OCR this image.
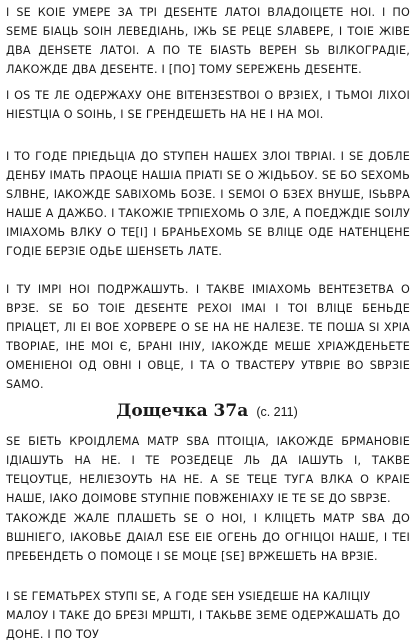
І ЅЕ КОІЕ УМЕРЕ ЗА ТРІ ДЕЅЕНТЕ ЛАТОІ ВЛАДОІЦЕТЕ НОІ. І ПО ЅЕМЕ БІАЦЬ ЅОІН ЛЕВЕДІАНЬ, ІЖЬ ЅЕ РЕЦЕ ЅЛАВЕРЕ, І ТОІЕ ЖІВЕ ДВА ДЕНЅЕТЕ ЛАТОІ. А ПО ТЕ БІАЅТЬ ВЕРЕН ЅЬ ВІЛКОГРАДІЕ, ЛАКОЖДЕ ДВА ДЕЅЕНТЕ. І [ПО] ТОМУ ЅЕРЕЖЕНЬ ДЕЅЕНТЕ.

І ОЅ ТЕ ЛЕ ОДЕРЖАХУ ОНЕ ВІТЕНЗЕЅТВОІ О ВРЗІЕХ, І ТЬМОІ ЛІХОІ НІЕЅТЦІА О ЅОІНЬ, І ЅЕ ГРЕНДЕШЕТЬ НА НЕ І НА МОІ.

І ТО ГОДЕ ПРІЕДЬЦІА ДО ЅТУПЕН НАШЕХ ЗЛОІ ТВРІАІ. І ЅЕ ДОБЛЕ ДЕНБУ ІМАТЬ ПРАОЦЕ НАШІА ПРІАТІ ЅЕ О ЖІДЬБОУ. ЅЕ БО ЅЕХОМЬ ЅЛВНЕ, ІАКОЖДЕ ЅАВІХОМЬ БОЗЕ. І ЅЕМОІ О БЗЕХ ВНУШЕ, ІЅЬВРА НАШЕ А ДАЖБО. І ТАКОЖІЕ ТРПІЕХОМЬ О ЗЛЕ, А ПОЕДЖДІЕ ЅОІЛУ ІМІАХОМЬ ВЛКУ О ТЕ[І] І БРАНЬЕХОМЬ ЅЕ ВЛІЦЕ ОДЕ НАТЕНЦЕНЕ ГОДІЕ БЕРЗІЕ ОДЬЕ ШЕНЅЕТЬ ЛАТЕ.

І ТУ ІМРІ НОІ ПОДРЖАШУТЬ. І ТАКВЕ ІМІАХОМЬ ВЕНТЕЗЕТВА О ВРЗЕ. ЅЕ БО ТОІЕ ДЕЅЕНТЕ РЕХОІ ІМАІ І ТОІ ВЛІЦЕ БЕНЬДЕ ПРІАЦЕТ, ЛІ ЕІ ВОЕ ХОРВЕРЕ О ЅЕ НА НЕ НАЛЕЗЕ. ТЕ ПОША ЅІ ХРІА ТВОРІАЕ, ІНЕ МОІ Є, БРАНІ ІНІУ, ІАКОЖДЕ МЕШЕ ХРІАЖДЕНЬЕТЕ ОМЕНІЕНОІ ОД ОВНІ І ОВЦЕ, І ТА О ТВАСТЕРУ УТВРІЕ ВО ЅВРЗІЕ ЅАМО.

Дощечка 37а (с. 211)

ЅЕ БІЕТЬ КРОІДЛЕМА МАТР ЅВА ПТОІЦІА, ІАКОЖДЕ БРМАНОВІЕ ІДІАШУТЬ НА НЕ. І ТЕ РОЗЕДЕЦЕ ЛЬ ДА ІАШУТЬ І, ТАКВЕ ТЕЦОУТЦЕ, НЕЛІЕЗОУТЬ НА НЕ. А ЅЕ ТЕЦЕ ТУГА ВЛКА О КРАІЕ НАШЕ, ІАКО ДОІМОВЕ ЅТУПНІЕ ПОВЖЕНІАХУ ІЕ ТЕ ЅЕ ДО ЅВРЗЕ.

ТАКОЖДЕ ЖАЛЕ ПЛАШЕТЬ ЅЕ О НОІ, І КЛІЦЕТЬ МАТР ЅВА ДО ВШНІЕГО, ІАКОВЬЕ ДАІАЛ ЕЅЕ ЕІЕ ОГЕНЬ ДО ОГНІЦОІ НАШЕ, І ТЕІ ПРЕБЕНДЕТЬ О ПОМОЦЕ І ЅЕ МОЦЕ [ЅЕ] ВРЖЕШЕТЬ НА ВРЗІЕ.

І ЅЕ ГЕМАТЬРЕХ ЅТУПІ ЅЕ, А ГОДЕ ЅЕН УЅІЕДЕШЕ НА КАЛІЦІУ МАЛОУ І ТАКЕ ДО БРЕЗІ МРШТІ, І ТАКЬВЕ ЗЕМЕ ОДЕРЖАШАТЬ ДО ДОНЕ. І ПО ТОУ
